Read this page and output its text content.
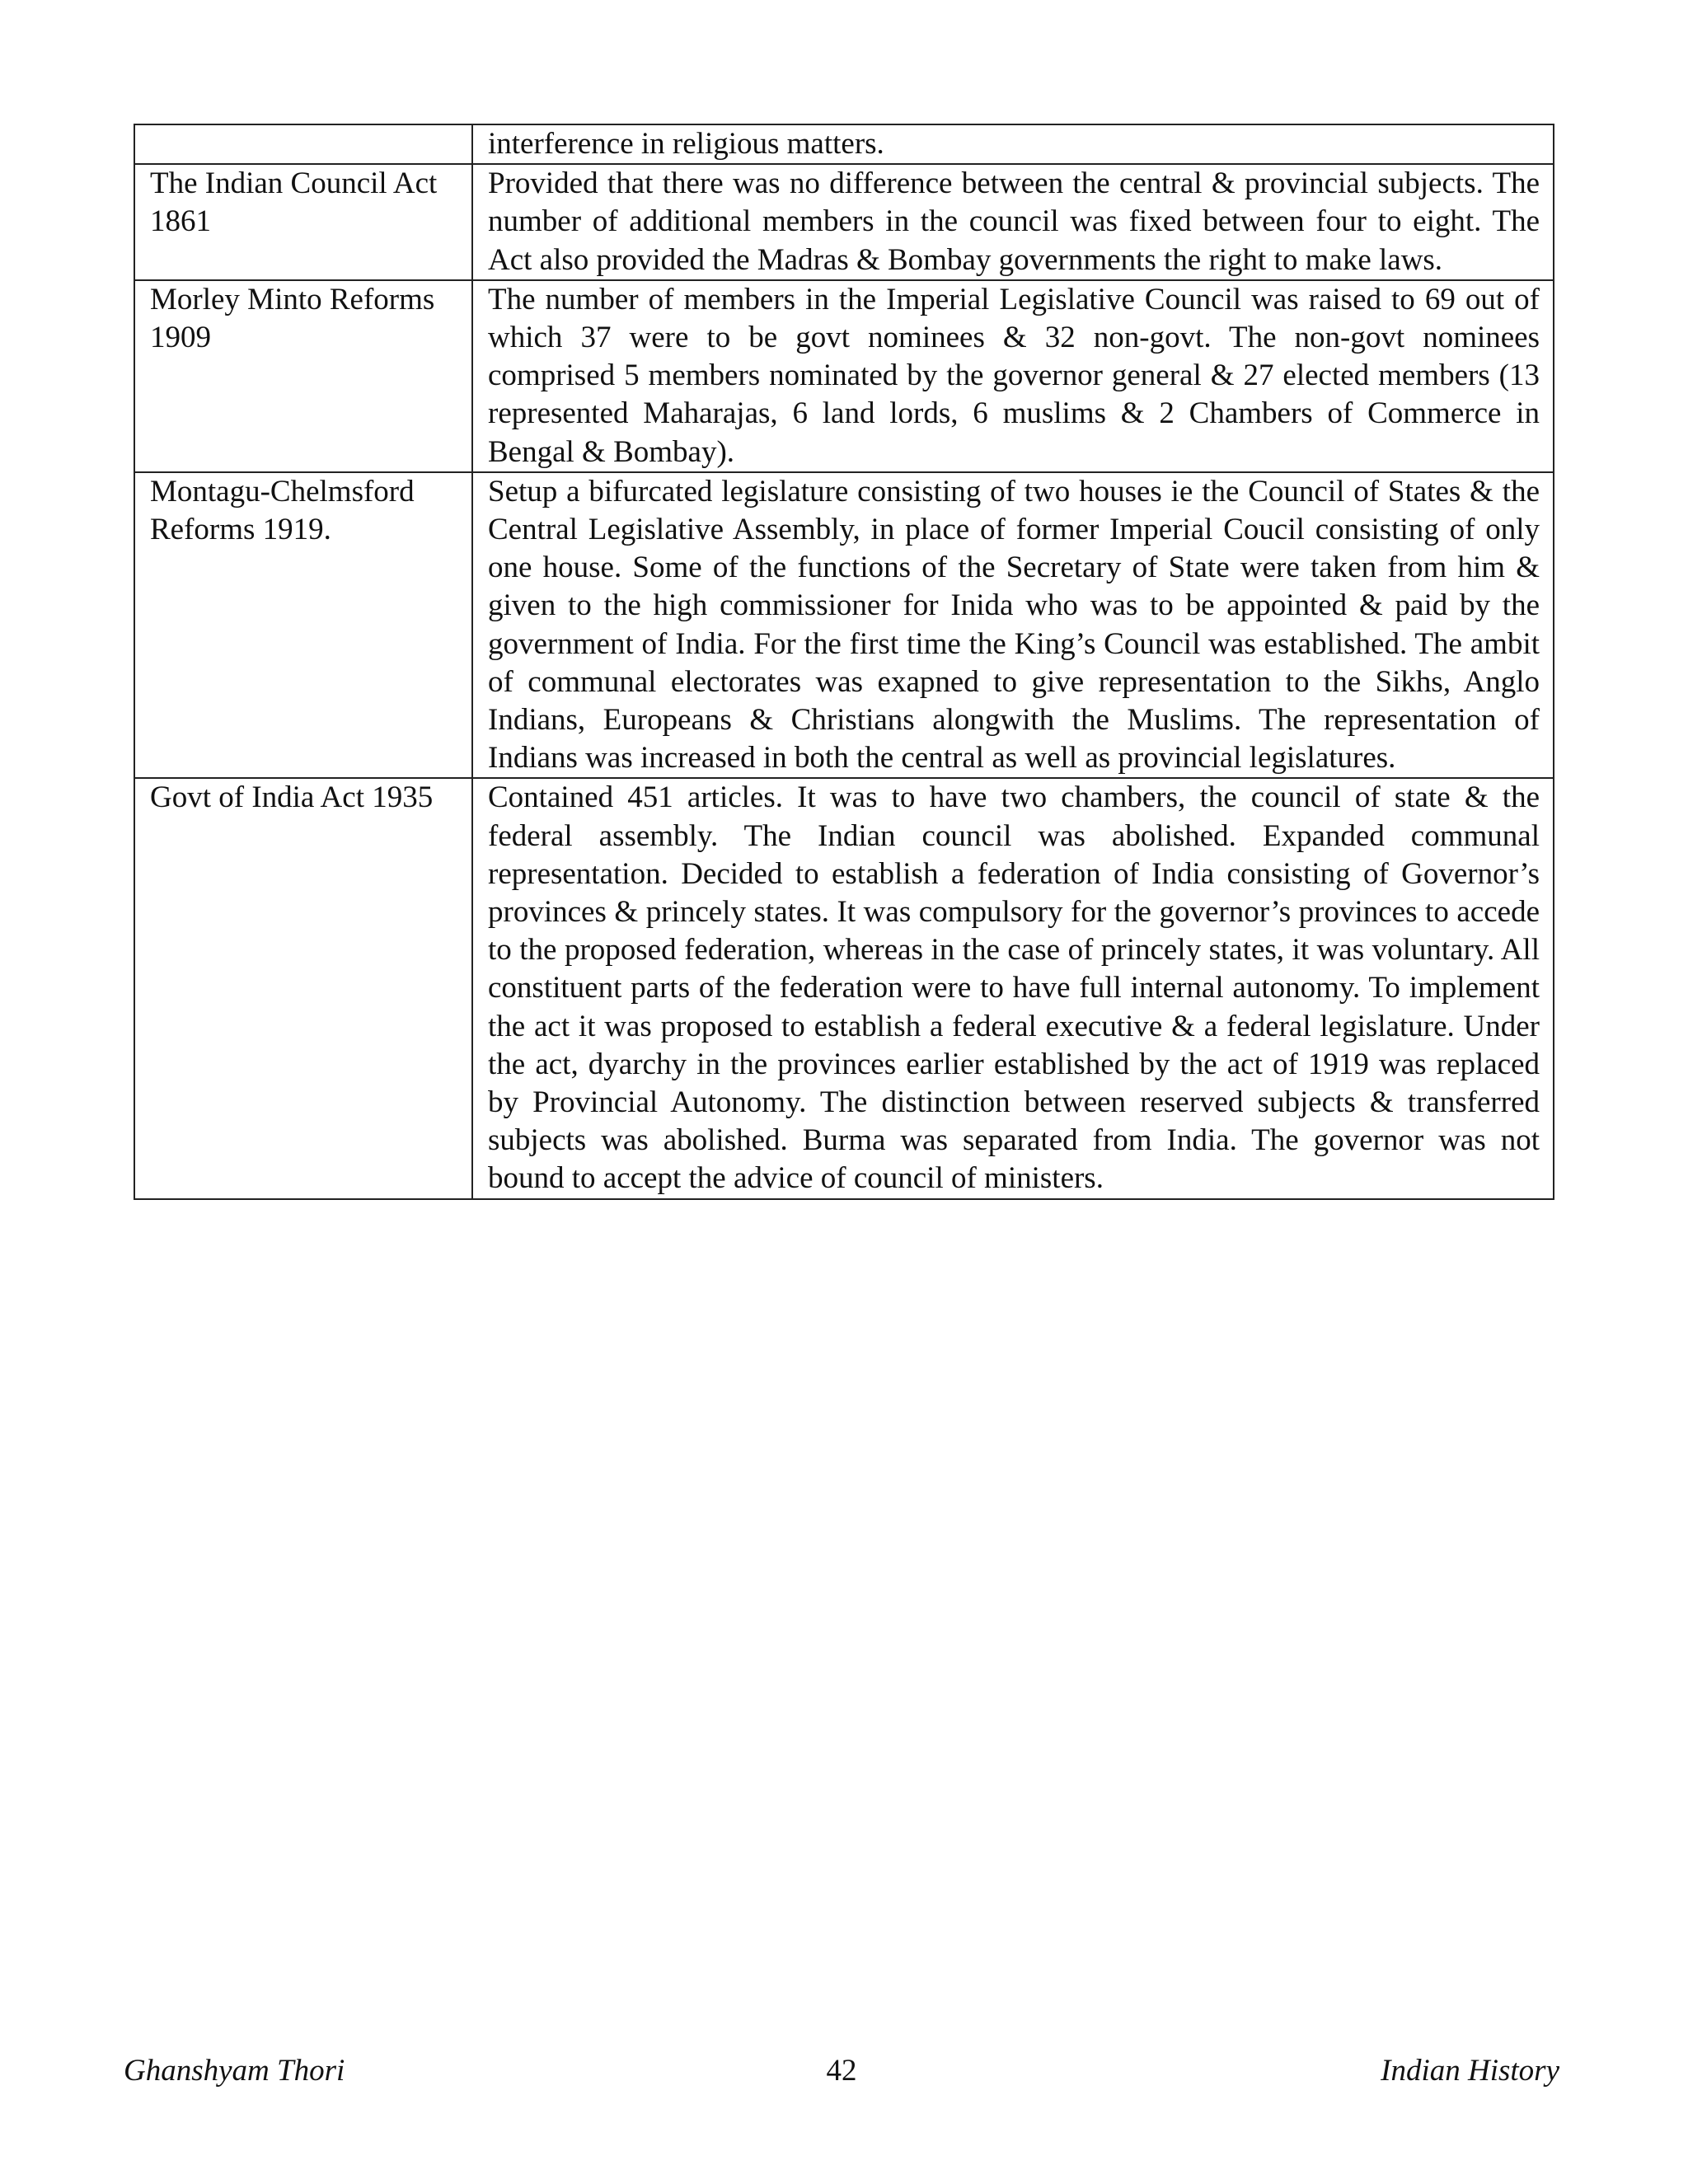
	interference in religious matters.
The Indian Council Act 1861	Provided that there was no difference between the central & provincial subjects. The number of additional members in the council was fixed between four to eight. The Act also provided the Madras & Bombay governments the right to make laws.
Morley Minto Reforms 1909	The number of members in the Imperial Legislative Council was raised to 69 out of which 37 were to be govt nominees & 32 non-govt. The non-govt nominees comprised 5 members nominated by the governor general & 27 elected members (13 represented Maharajas, 6 land lords, 6 muslims & 2 Chambers of Commerce in Bengal & Bombay).
Montagu-Chelmsford Reforms 1919.	Setup a bifurcated legislature consisting of two houses ie the Council of States & the Central Legislative Assembly, in place of former Imperial Coucil consisting of only one house. Some of the functions of the Secretary of State were taken from him & given to the high commissioner for Inida who was to be appointed & paid by the government of India. For the first time the King’s Council was established. The ambit of communal electorates was exapned to give representation to the Sikhs, Anglo Indians, Europeans & Christians alongwith the Muslims. The representation of Indians was increased in both the central as well as provincial legislatures.
Govt of India Act 1935	Contained 451 articles. It was to have two chambers, the council of state & the federal assembly. The Indian council was abolished. Expanded communal representation. Decided to establish a federation of India consisting of Governor’s provinces & princely states. It was compulsory for the governor’s provinces to accede to the proposed federation, whereas in the case of princely states, it was voluntary. All constituent parts of the federation were to have full internal autonomy. To implement the act it was proposed to establish a federal executive & a federal legislature. Under the act, dyarchy in the provinces earlier established by the act of 1919 was replaced by Provincial Autonomy. The distinction between reserved subjects & transferred subjects was abolished. Burma was separated from India. The governor was not bound to accept the advice of council of ministers.
Ghanshyam Thori	42	Indian History
